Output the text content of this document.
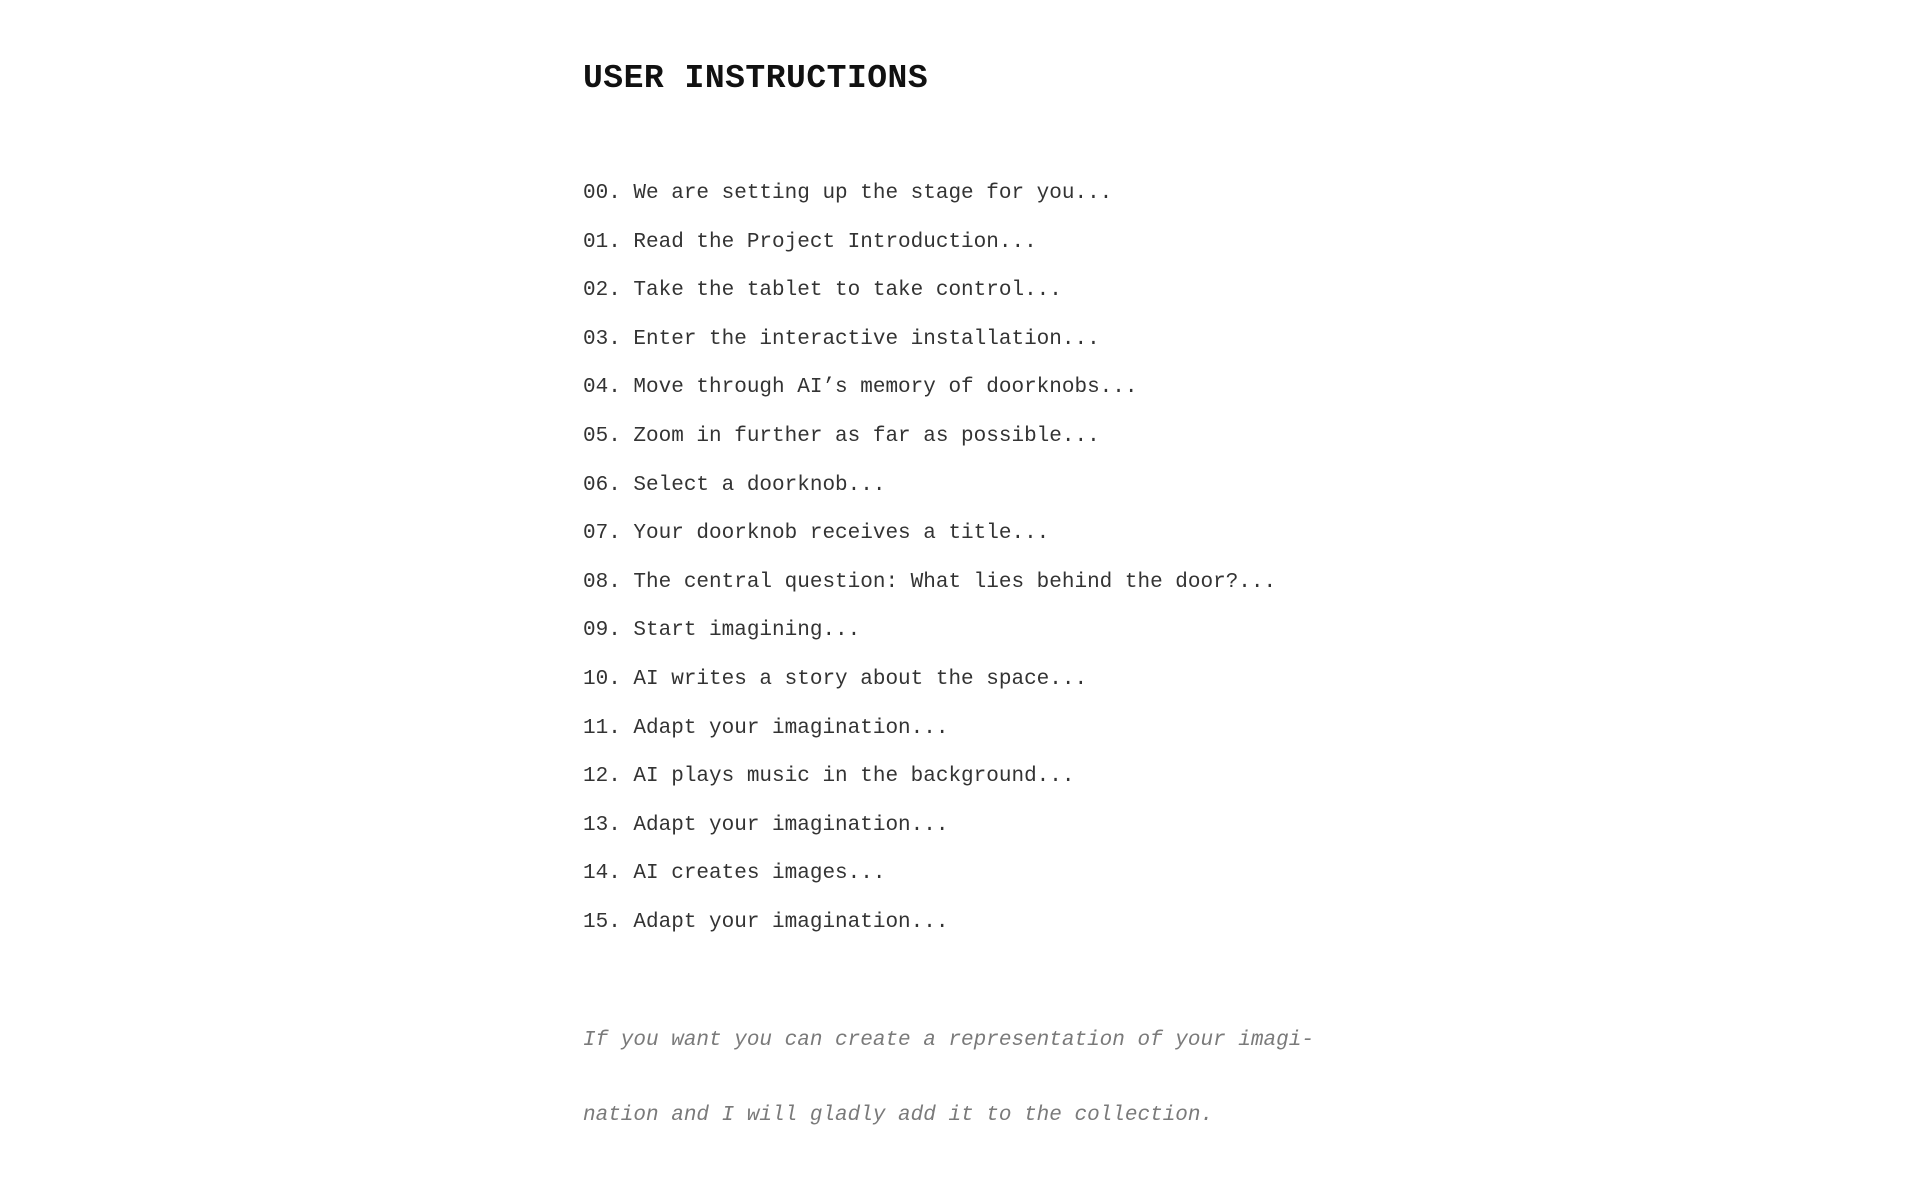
USER INSTRUCTIONS
00. We are setting up the stage for you...
01. Read the Project Introduction...
02. Take the tablet to take control...
03. Enter the interactive installation...
04. Move through AI’s memory of doorknobs...
05. Zoom in further as far as possible...
06. Select a doorknob...
07. Your doorknob receives a title...
08. The central question: What lies behind the door?...
09. Start imagining...
10. AI writes a story about the space...
11. Adapt your imagination...
12. AI plays music in the background...
13. Adapt your imagination...
14. AI creates images...
15. Adapt your imagination...

If you want you can create a representation of your imagi-

nation and I will gladly add it to the collection.
